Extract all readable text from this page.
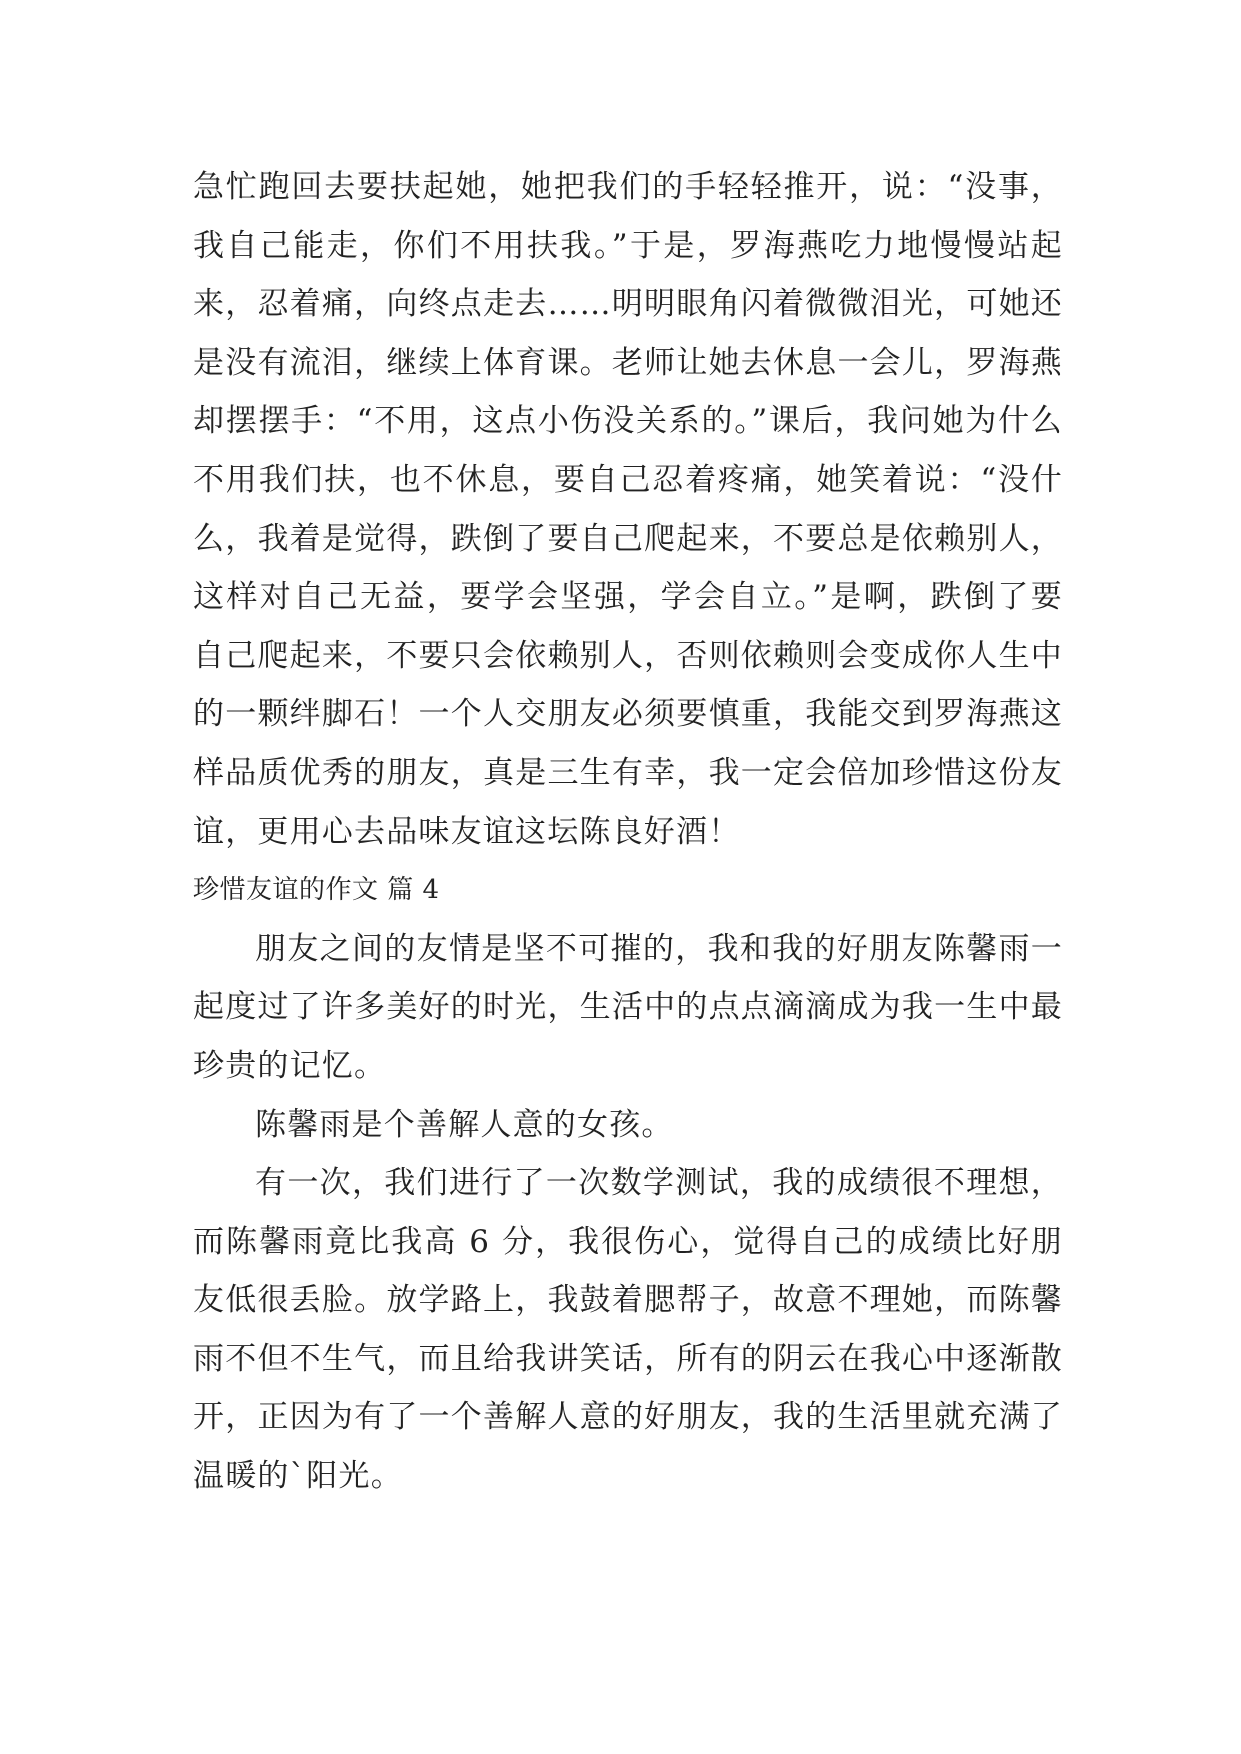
急忙跑回去要扶起她，她把我们的手轻轻推开，说：“没事，我自己能走，你们不用扶我。”于是，罗海燕吃力地慢慢站起来，忍着痛，向终点走去……明明眼角闪着微微泪光，可她还是没有流泪，继续上体育课。老师让她去休息一会儿，罗海燕却摆摆手：“不用，这点小伤没关系的。”课后，我问她为什么不用我们扶，也不休息，要自己忍着疼痛，她笑着说：“没什么，我着是觉得，跌倒了要自己爬起来，不要总是依赖别人，这样对自己无益，要学会坚强，学会自立。”是啊，跌倒了要自己爬起来，不要只会依赖别人，否则依赖则会变成你人生中的一颗绊脚石！一个人交朋友必须要慎重，我能交到罗海燕这样品质优秀的朋友，真是三生有幸，我一定会倍加珍惜这份友谊，更用心去品味友谊这坛陈良好酒！

珍惜友谊的作文 篇 4

朋友之间的友情是坚不可摧的，我和我的好朋友陈馨雨一起度过了许多美好的时光，生活中的点点滴滴成为我一生中最珍贵的记忆。

陈馨雨是个善解人意的女孩。

有一次，我们进行了一次数学测试，我的成绩很不理想，而陈馨雨竟比我高 6 分，我很伤心，觉得自己的成绩比好朋友低很丢脸。放学路上，我鼓着腮帮子，故意不理她，而陈馨雨不但不生气，而且给我讲笑话，所有的阴云在我心中逐渐散开，正因为有了一个善解人意的好朋友，我的生活里就充满了温暖的`阳光。
